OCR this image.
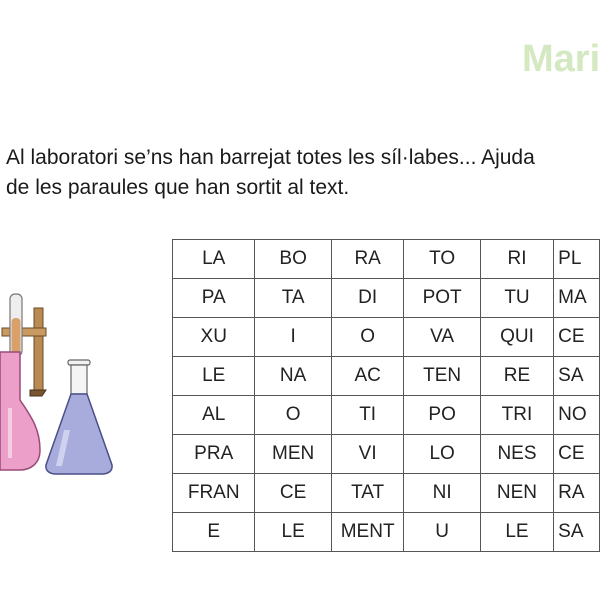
Mari
Al laboratori se’ns han barrejat totes les síl·labes... Ajuda
de les paraules que han sortit al text.
LA	BO	RA	TO	RI	PL
PA	TA	DI	POT	TU	MA
XU	I	O	VA	QUI	CE
LE	NA	AC	TEN	RE	SA
AL	O	TI	PO	TRI	NO
PRA	MEN	VI	LO	NES	CE
FRAN	CE	TAT	NI	NEN	RA
E	LE	MENT	U	LE	SA
